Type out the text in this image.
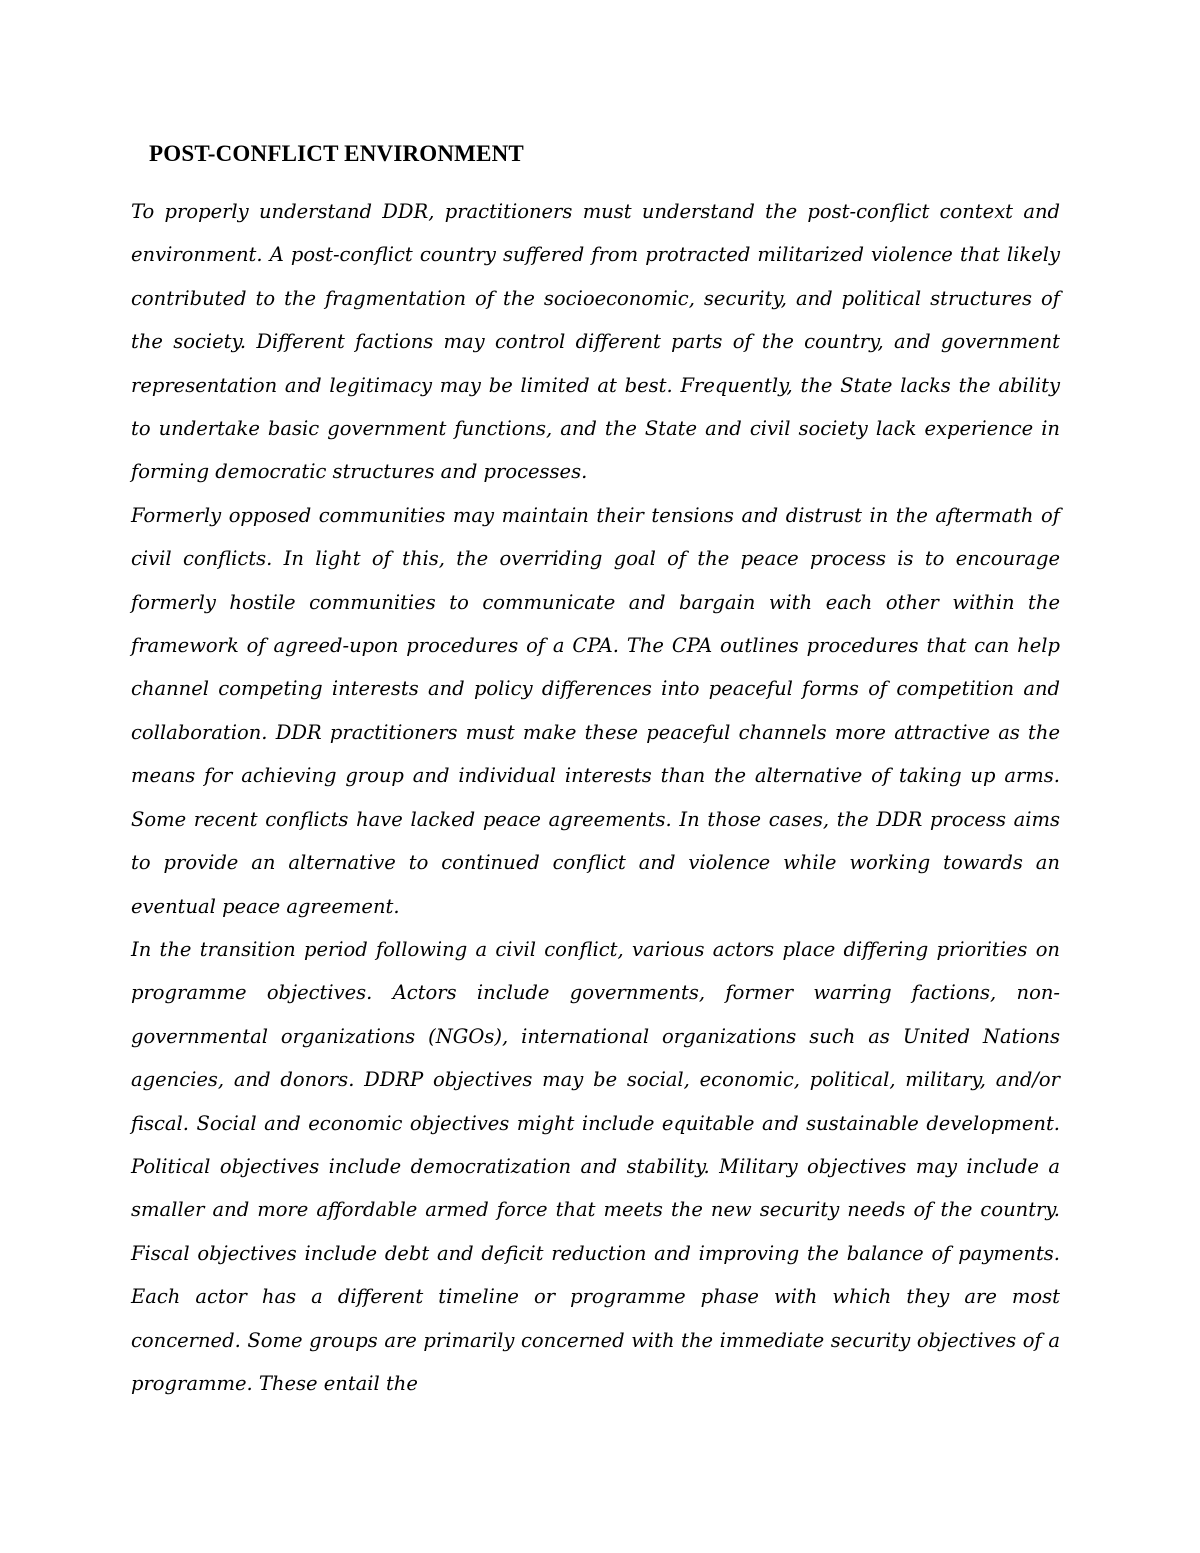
POST-CONFLICT ENVIRONMENT

To properly understand DDR, practitioners must understand the post-conflict context and environment. A post-conflict country suffered from protracted militarized violence that likely contributed to the fragmentation of the socioeconomic, security, and political structures of the society. Different factions may control different parts of the country, and government representation and legitimacy may be limited at best. Frequently, the State lacks the ability to undertake basic government functions, and the State and civil society lack experience in forming democratic structures and processes.

Formerly opposed communities may maintain their tensions and distrust in the aftermath of civil conflicts. In light of this, the overriding goal of the peace process is to encourage formerly hostile communities to communicate and bargain with each other within the framework of agreed-upon procedures of a CPA. The CPA outlines procedures that can help channel competing interests and policy differences into peaceful forms of competition and collaboration. DDR practitioners must make these peaceful channels more attractive as the means for achieving group and individual interests than the alternative of taking up arms. Some recent conflicts have lacked peace agreements. In those cases, the DDR process aims to provide an alternative to continued conflict and violence while working towards an eventual peace agreement.

In the transition period following a civil conflict, various actors place differing priorities on programme objectives. Actors include governments, former warring factions, non-governmental organizations (NGOs), international organizations such as United Nations agencies, and donors. DDRP objectives may be social, economic, political, military, and/or fiscal. Social and economic objectives might include equitable and sustainable development. Political objectives include democratization and stability. Military objectives may include a smaller and more affordable armed force that meets the new security needs of the country. Fiscal objectives include debt and deficit reduction and improving the balance of payments. Each actor has a different timeline or programme phase with which they are most concerned. Some groups are primarily concerned with the immediate security objectives of a programme. These entail the
